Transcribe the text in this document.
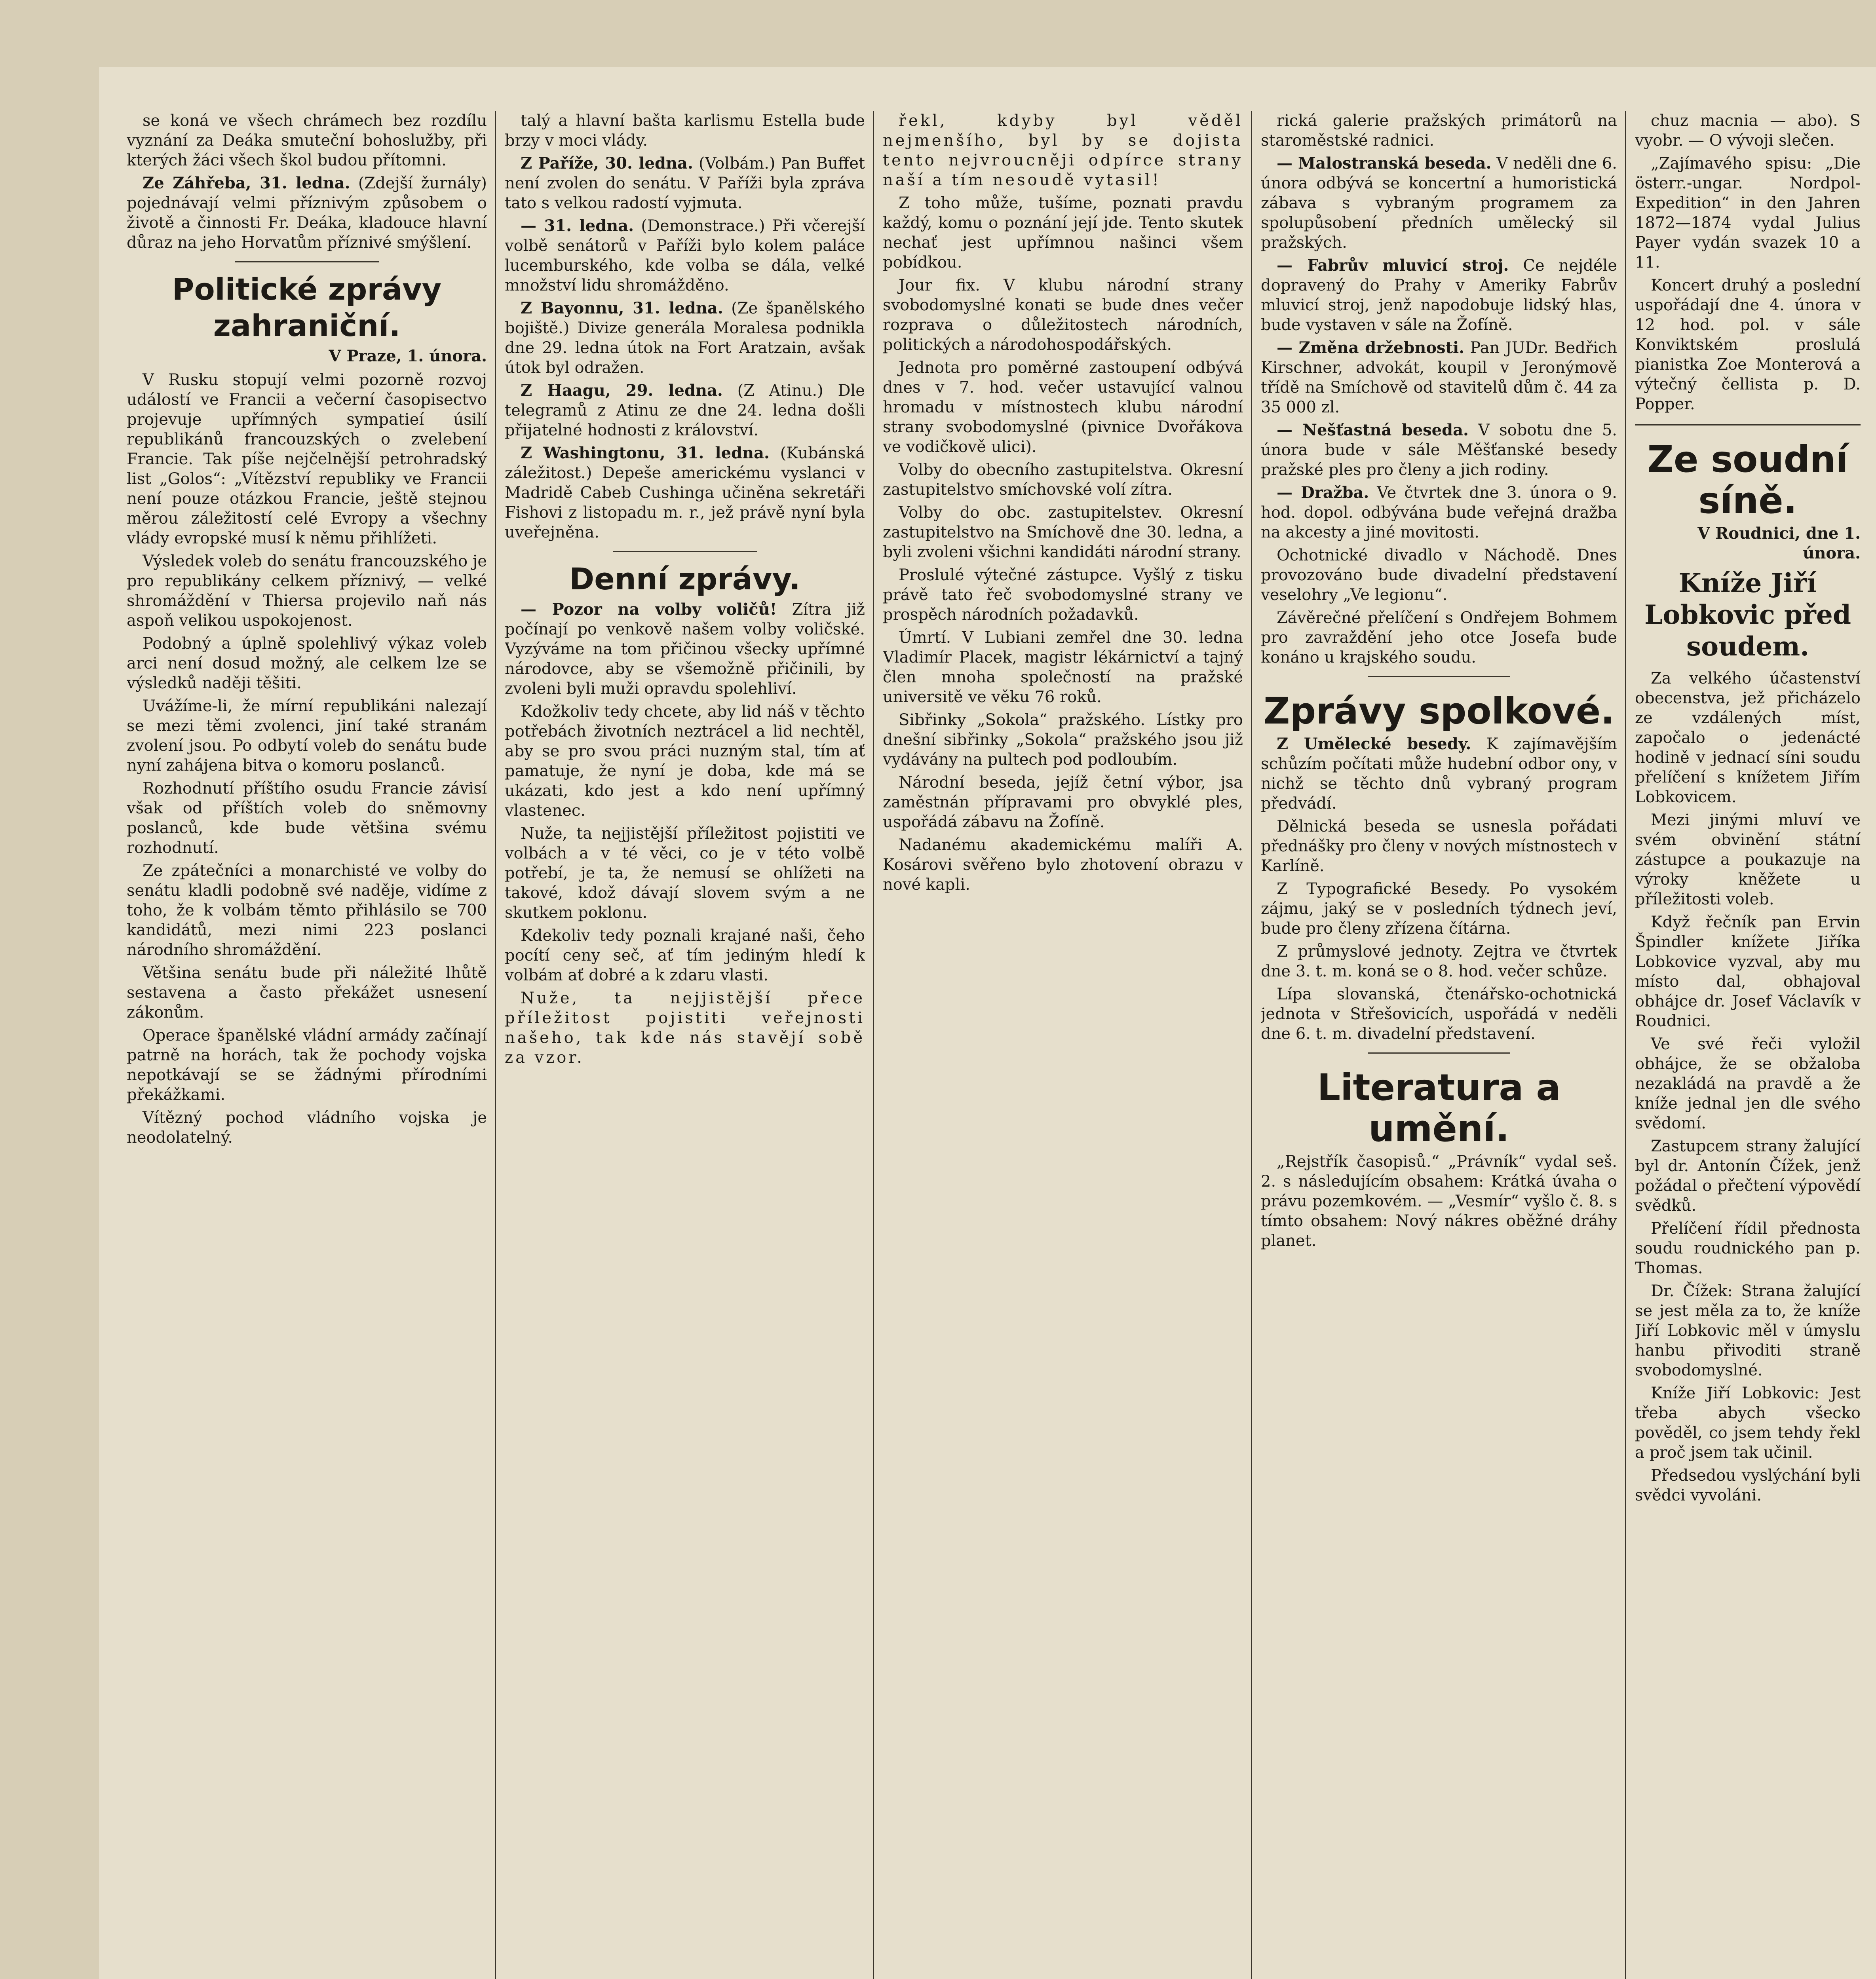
se koná ve všech chrámech bez rozdílu vyznání za Deáka smuteční bohoslužby, při kterých žáci všech škol budou přítomni.

Ze Záhřeba, 31. ledna. (Zdejší žurnály) pojednávají velmi příznivým způsobem o životě a činnosti Fr. Deáka, kladouce hlavní důraz na jeho Horvatům příznivé smýšlení.

Politické zprávy zahraniční.
V Praze, 1. února.

V Rusku stopují velmi pozorně rozvoj událostí ve Francii a večerní časopisectvo projevuje upřímných sympatieí úsilí republikánů francouzských o zvelebení Francie. Tak píše nejčelnější petrohradský list „Golos“: „Vítězství republiky ve Francii není pouze otázkou Francie, ještě stejnou měrou záležitostí celé Evropy a všechny vlády evropské musí k němu přihlížeti.

Výsledek voleb do senátu francouzského je pro republikány celkem příznivý, — velké shromáždění v Thiersa projevilo naň nás aspoň velikou uspokojenost.

Podobný a úplně spolehlivý výkaz voleb arci není dosud možný, ale celkem lze se výsledků naději těšiti.

Uvážíme-li, že mírní republikáni nalezají se mezi těmi zvolenci, jiní také stranám zvolení jsou. Po odbytí voleb do senátu bude nyní zahájena bitva o komoru poslanců.

Rozhodnutí příštího osudu Francie závisí však od příštích voleb do sněmovny poslanců, kde bude většina svému rozhodnutí.

Ze zpátečníci a monarchisté ve volby do senátu kladli podobně své naděje, vidíme z toho, že k volbám těmto přihlásilo se 700 kandidátů, mezi nimi 223 poslanci národního shromáždění.

Většina senátu bude při náležité lhůtě sestavena a často překážet usnesení zákonům.

Operace španělské vládní armády začínají patrně na horách, tak že pochody vojska nepotkávají se se žádnými přírodními překážkami.

Vítězný pochod vládního vojska je neodolatelný.

talý a hlavní bašta karlismu Estella bude brzy v moci vlády.

Z Paříže, 30. ledna. (Volbám.) Pan Buffet není zvolen do senátu. V Paříži byla zpráva tato s velkou radostí vyjmuta.

— 31. ledna. (Demonstrace.) Při včerejší volbě senátorů v Paříži bylo kolem paláce lucemburského, kde volba se dála, velké množství lidu shromážděno.

Z Bayonnu, 31. ledna. (Ze španělského bojiště.) Divize generála Moralesa podnikla dne 29. ledna útok na Fort Aratzain, avšak útok byl odražen.

Z Haagu, 29. ledna. (Z Atinu.) Dle telegramů z Atinu ze dne 24. ledna došli přijatelné hodnosti z království.

Z Washingtonu, 31. ledna. (Kubánská záležitost.) Depeše americkému vyslanci v Madridě Cabeb Cushinga učiněna sekretáři Fishovi z listopadu m. r., jež právě nyní byla uveřejněna.

Denní zprávy.

— Pozor na volby voličů! Zítra již počínají po venkově našem volby voličské. Vyzýváme na tom přičinou všecky upřímné národovce, aby se všemožně přičinili, by zvoleni byli muži opravdu spolehliví.

Kdožkoliv tedy chcete, aby lid náš v těchto potřebách životních neztrácel a lid nechtěl, aby se pro svou práci nuzným stal, tím ať pamatuje, že nyní je doba, kde má se ukázati, kdo jest a kdo není upřímný vlastenec.

Nuže, ta nejjistější příležitost pojistiti ve volbách a v té věci, co je v této volbě potřebí, je ta, že nemusí se ohlížeti na takové, kdož dávají slovem svým a ne skutkem poklonu.

Kdekoliv tedy poznali krajané naši, čeho pocítí ceny seč, ať tím jediným hledí k volbám ať dobré a k zdaru vlasti.

Nuže, ta nejjistější přece příležitost pojistiti veřejnosti našeho, tak kde nás stavějí sobě za vzor.

řekl, kdyby byl věděl nejmenšího, byl by se dojista tento nejvroucněji odpírce strany naší a tím nesoudě vytasil!

Z toho může, tušíme, poznati pravdu každý, komu o poznání její jde. Tento skutek nechať jest upřímnou našinci všem pobídkou.

Jour fix. V klubu národní strany svobodomyslné konati se bude dnes večer rozprava o důležitostech národních, politických a národohospodářských.

Jednota pro poměrné zastoupení odbývá dnes v 7. hod. večer ustavující valnou hromadu v místnostech klubu národní strany svobodomyslné (pivnice Dvořákova ve vodičkově ulici).

Volby do obecního zastupitelstva. Okresní zastupitelstvo smíchovské volí zítra.

Volby do obc. zastupitelstev. Okresní zastupitelstvo na Smíchově dne 30. ledna, a byli zvoleni všichni kandidáti národní strany.

Proslulé výtečné zástupce. Vyšlý z tisku právě tato řeč svobodomyslné strany ve prospěch národních požadavků.

Úmrtí. V Lubiani zemřel dne 30. ledna Vladimír Placek, magistr lékárnictví a tajný člen mnoha společností na pražské universitě ve věku 76 roků.

Sibřinky „Sokola“ pražského. Lístky pro dnešní sibřinky „Sokola“ pražského jsou již vydávány na pultech pod podloubím.

Národní beseda, jejíž četní výbor, jsa zaměstnán přípravami pro obvyklé ples, uspořádá zábavu na Žofíně.

Nadanému akademickému malíři A. Kosárovi svěřeno bylo zhotovení obrazu v nové kapli.

rická galerie pražských primátorů na staroměstské radnici.

— Malostranská beseda. V neděli dne 6. února odbývá se koncertní a humoristická zábava s vybraným programem za spolupůsobení předních umělecký sil pražských.

— Fabrův mluvicí stroj. Ce nejdéle dopravený do Prahy v Ameriky Fabrův mluvicí stroj, jenž napodobuje lidský hlas, bude vystaven v sále na Žofíně.

— Změna držebnosti. Pan JUDr. Bedřich Kirschner, advokát, koupil v Jeronýmově třídě na Smíchově od stavitelů dům č. 44 za 35 000 zl.

— Nešťastná beseda. V sobotu dne 5. února bude v sále Měšťanské besedy pražské ples pro členy a jich rodiny.

— Dražba. Ve čtvrtek dne 3. února o 9. hod. dopol. odbývána bude veřejná dražba na akcesty a jiné movitosti.

Ochotnické divadlo v Náchodě. Dnes provozováno bude divadelní představení veselohry „Ve legionu“.

Závěrečné přelíčení s Ondřejem Bohmem pro zavraždění jeho otce Josefa bude konáno u krajského soudu.

Zprávy spolkové.

Z Umělecké besedy. K zajímavějším schůzím počítati může hudební odbor ony, v nichž se těchto dnů vybraný program předvádí.

Dělnická beseda se usnesla pořádati přednášky pro členy v nových místnostech v Karlíně.

Z Typografické Besedy. Po vysokém zájmu, jaký se v posledních týdnech jeví, bude pro členy zřízena čítárna.

Z průmyslové jednoty. Zejtra ve čtvrtek dne 3. t. m. koná se o 8. hod. večer schůze.

Lípa slovanská, čtenářsko-ochotnická jednota v Střešovicích, uspořádá v neděli dne 6. t. m. divadelní představení.

Literatura a umění.

„Rejstřík časopisů.“ „Právník“ vydal seš. 2. s následujícím obsahem: Krátká úvaha o právu pozemkovém. — „Vesmír“ vyšlo č. 8. s tímto obsahem: Nový nákres oběžné dráhy planet.

chuz macnia — abo). S vyobr. — O vývoji slečen.

„Zajímavého spisu: „Die österr.-ungar. Nordpol-Expedition“ in den Jahren 1872—1874 vydal Julius Payer vydán svazek 10 a 11.

Koncert druhý a poslední uspořádají dne 4. února v 12 hod. pol. v sále Konviktském proslulá pianistka Zoe Monterová a výtečný čellista p. D. Popper.

Ze soudní síně.
V Roudnici, dne 1. února.
Kníže Jiří Lobkovic před soudem.

Za velkého účastenství obecenstva, jež přicházelo ze vzdálených míst, započalo o jedenácté hodině v jednací síni soudu přelíčení s knížetem Jiřím Lobkovicem.

Mezi jinými mluví ve svém obvinění státní zástupce a poukazuje na výroky kněžete u příležitosti voleb.

Když řečník pan Ervin Špindler knížete Jiříka Lobkovice vyzval, aby mu místo dal, obhajoval obhájce dr. Josef Václavík v Roudnici.

Ve své řeči vyložil obhájce, že se obžaloba nezakládá na pravdě a že kníže jednal jen dle svého svědomí.

Zastupcem strany žalující byl dr. Antonín Čížek, jenž požádal o přečtení výpovědí svědků.

Přelíčení řídil přednosta soudu roudnického pan p. Thomas.

Dr. Čížek: Strana žalující se jest měla za to, že kníže Jiří Lobkovic měl v úmyslu hanbu přivoditi straně svobodomyslné.

Kníže Jiří Lobkovic: Jest třeba abych všecko pověděl, co jsem tehdy řekl a proč jsem tak učinil.

Předsedou vyslýchání byli svědci vyvoláni.
